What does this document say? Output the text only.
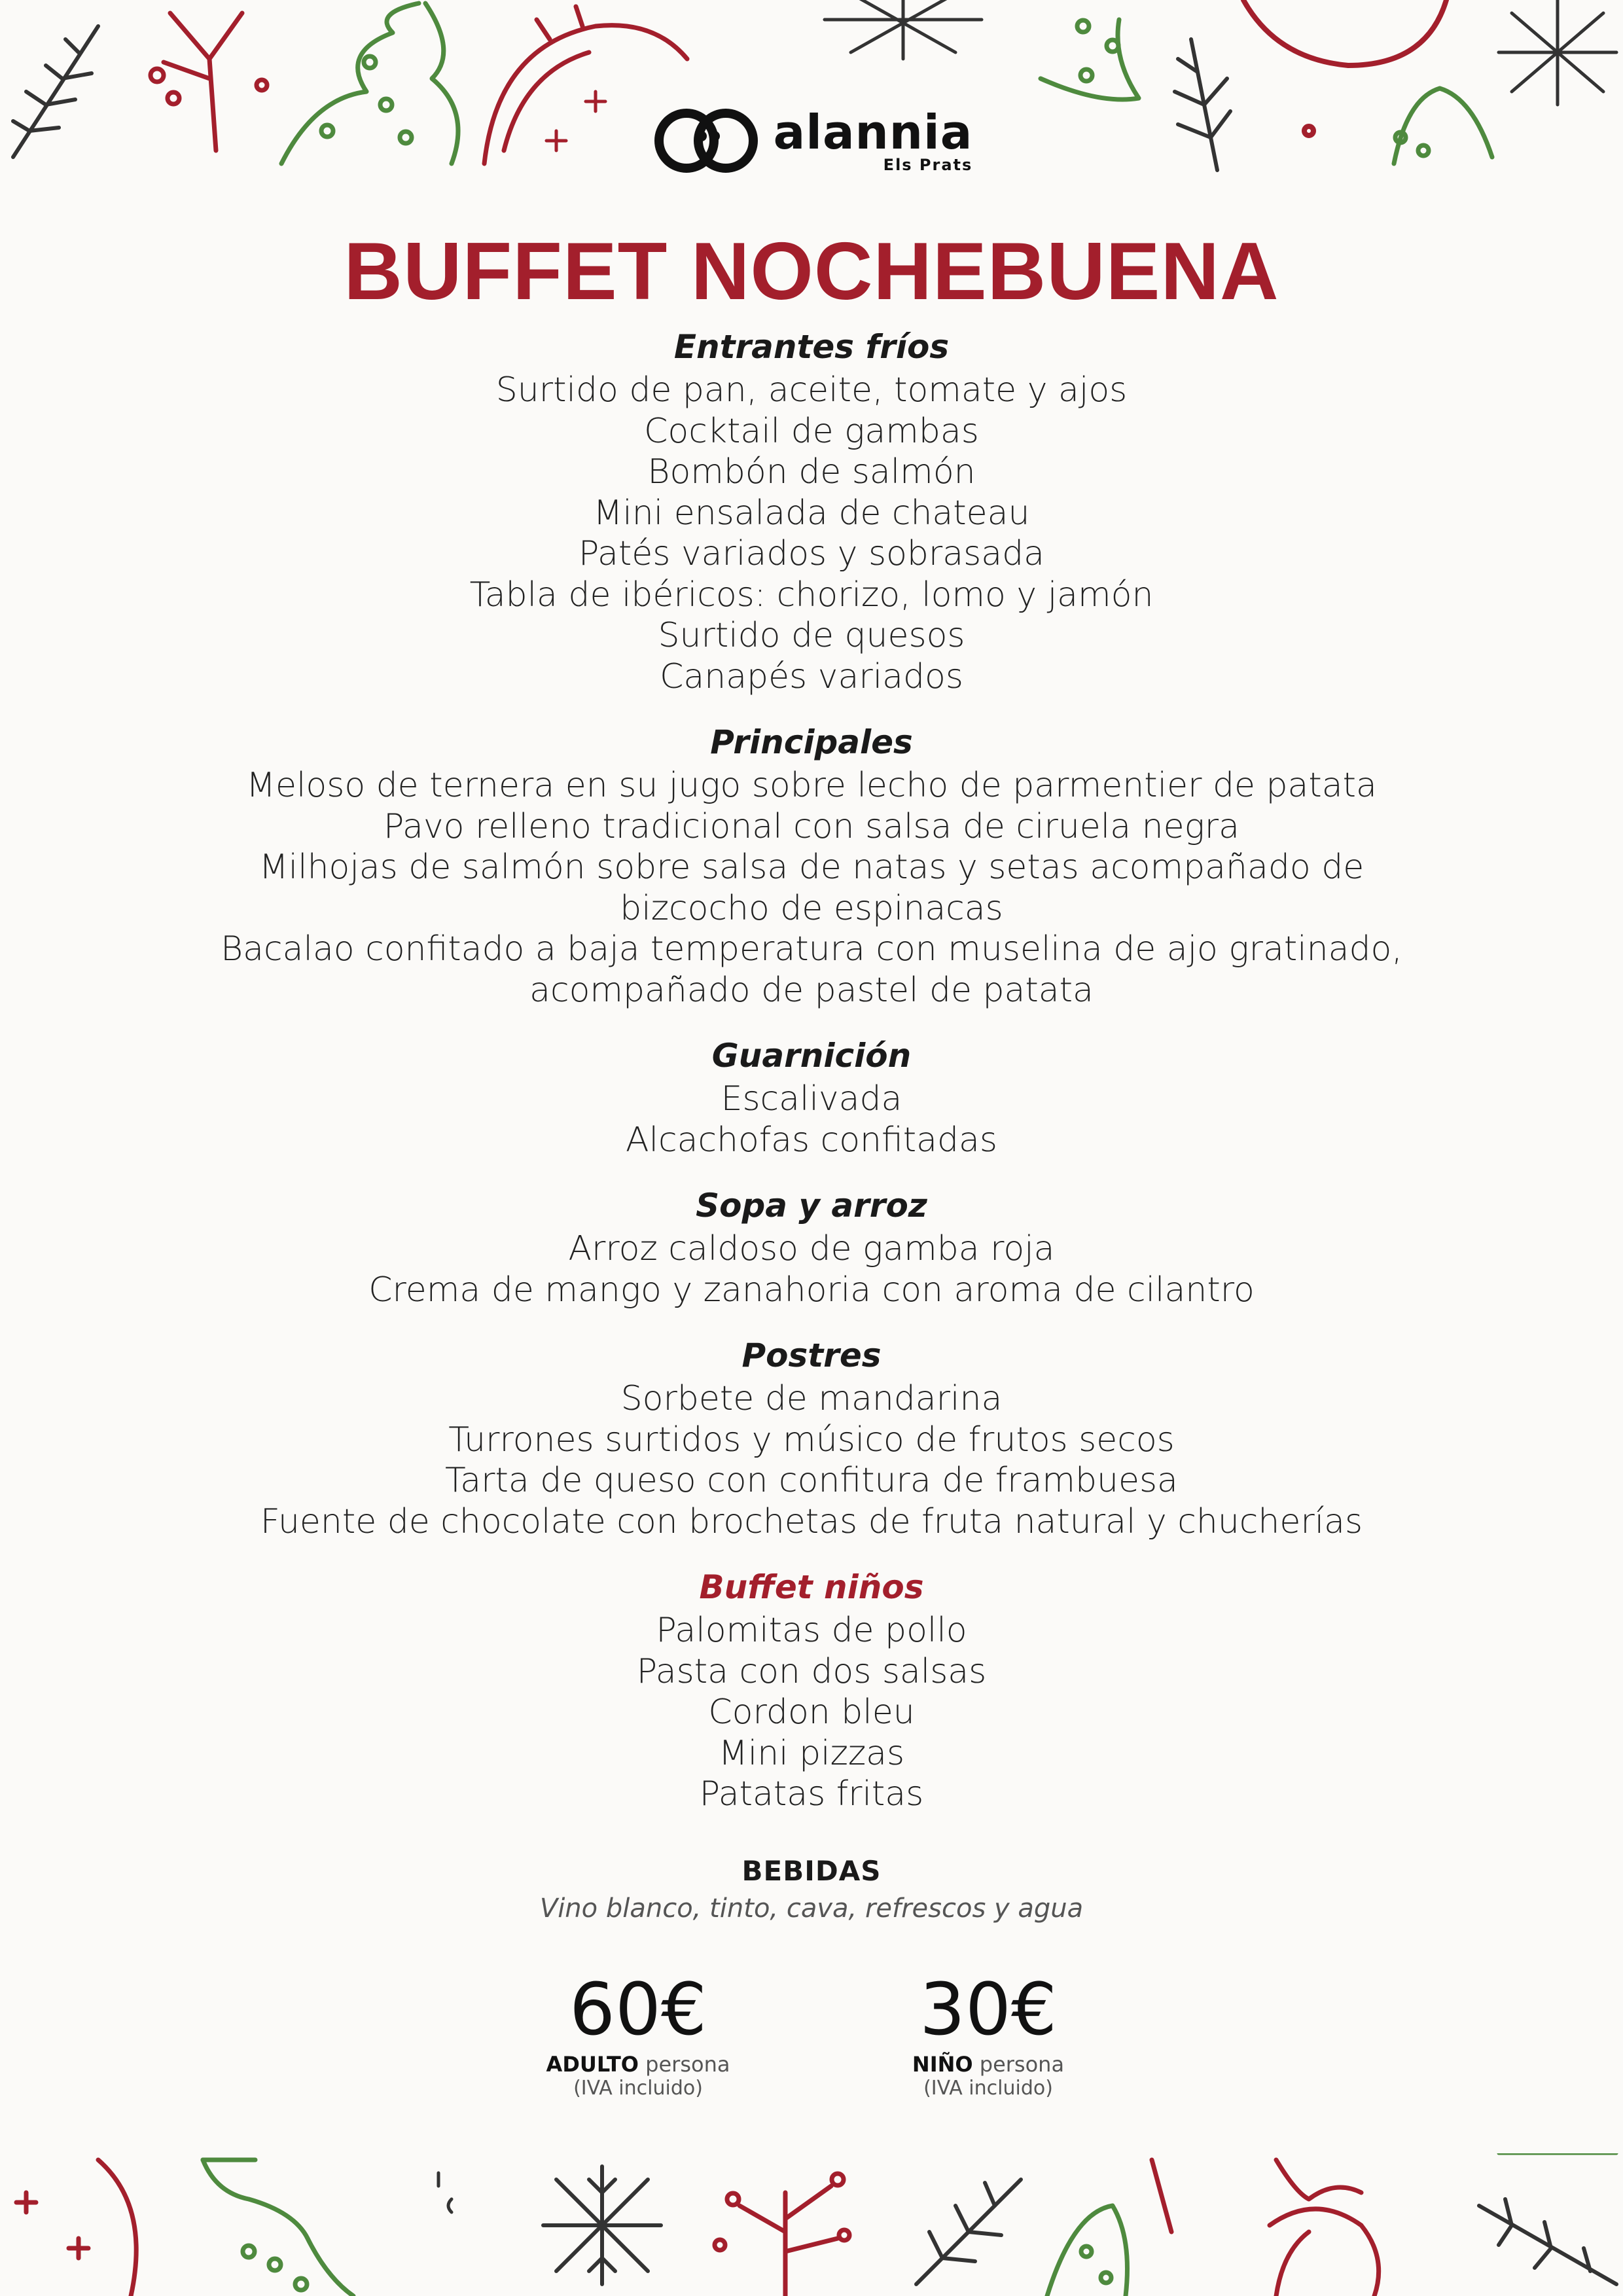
alannia
Els Prats
BUFFET NOCHEBUENA
Entrantes fríos
Surtido de pan, aceite, tomate y ajos
Cocktail de gambas
Bombón de salmón
Mini ensalada de chateau
Patés variados y sobrasada
Tabla de ibéricos: chorizo, lomo y jamón
Surtido de quesos
Canapés variados
Principales
Meloso de ternera en su jugo sobre lecho de parmentier de patata
Pavo relleno tradicional con salsa de ciruela negra
Milhojas de salmón sobre salsa de natas y setas acompañado de
bizcocho de espinacas
Bacalao confitado a baja temperatura con muselina de ajo gratinado,
acompañado de pastel de patata
Guarnición
Escalivada
Alcachofas confitadas
Sopa y arroz
Arroz caldoso de gamba roja
Crema de mango y zanahoria con aroma de cilantro
Postres
Sorbete de mandarina
Turrones surtidos y músico de frutos secos
Tarta de queso con confitura de frambuesa
Fuente de chocolate con brochetas de fruta natural y chucherías
Buffet niños
Palomitas de pollo
Pasta con dos salsas
Cordon bleu
Mini pizzas
Patatas fritas
BEBIDAS
Vino blanco, tinto, cava, refrescos y agua
60€
ADULTO persona
(IVA incluido)
30€
NIÑO persona
(IVA incluido)
